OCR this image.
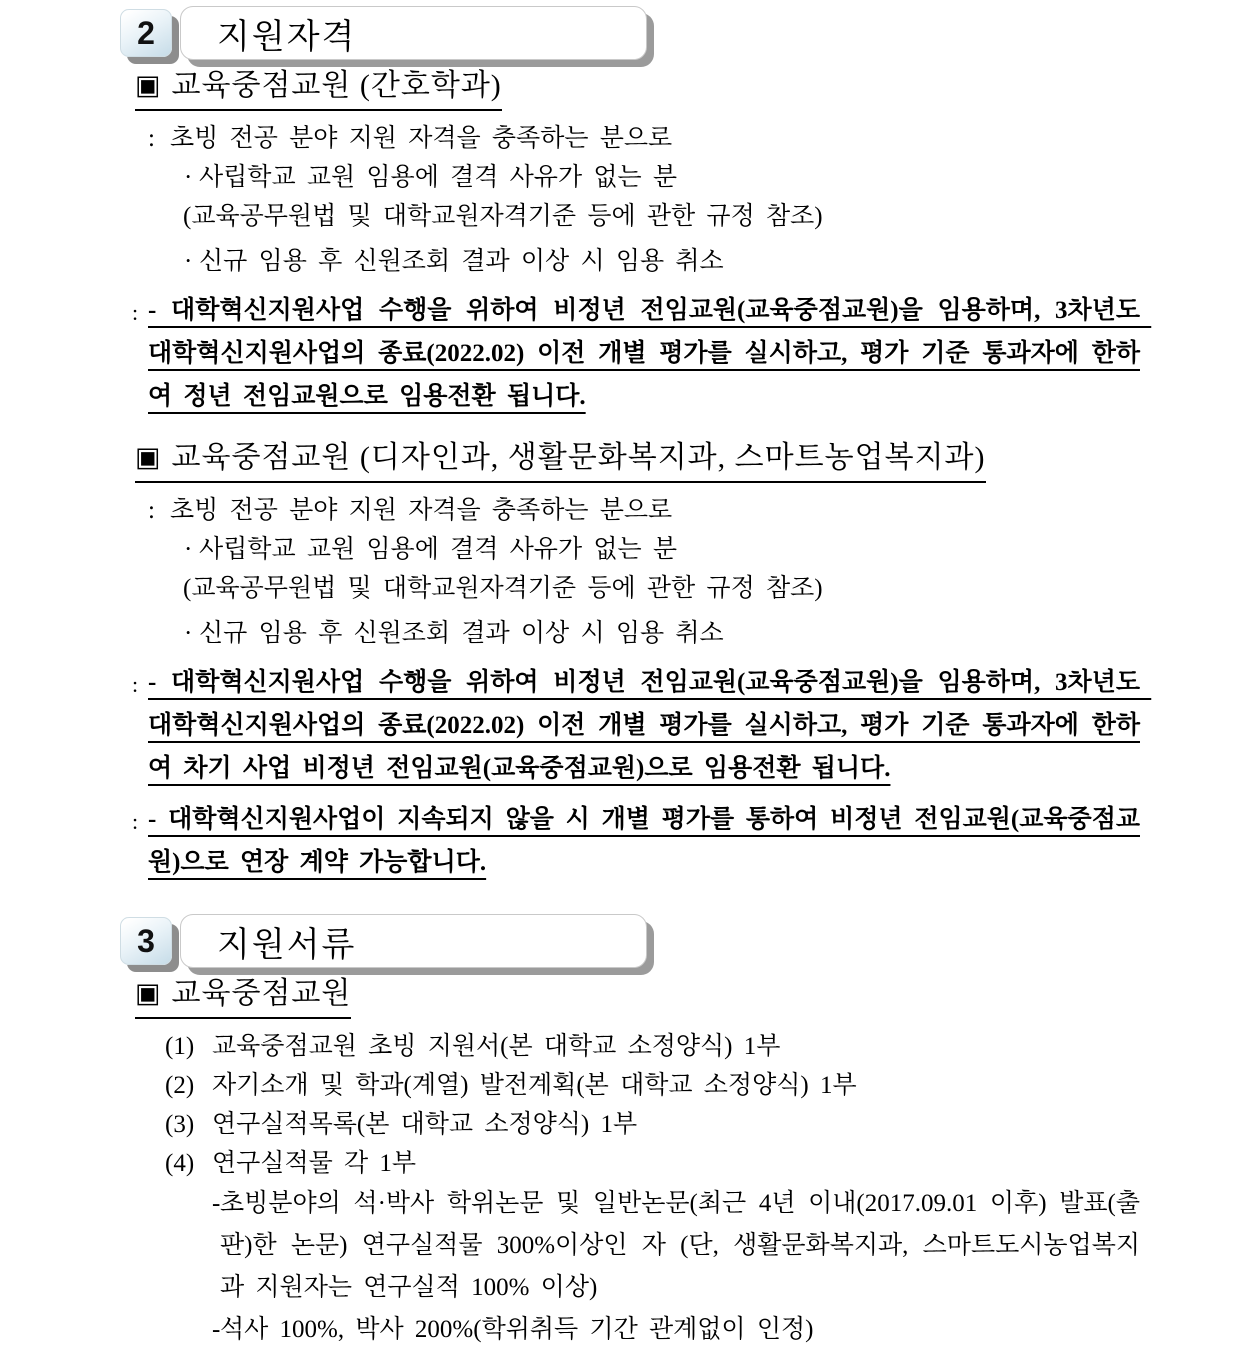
2	지원자격
▣ 교육중점교원 (간호학과)
: 초빙 전공 분야 지원 자격을 충족하는 분으로
· 사립학교 교원 임용에 결격 사유가 없는 분
(교육공무원법 및 대학교원자격기준 등에 관한 규정 참조)
· 신규 임용 후 신원조회 결과 이상 시 임용 취소
: - 대학혁신지원사업 수행을 위하여 비정년 전임교원(교육중점교원)을 임용하며, 3차년도 대학혁신지원사업의 종료(2022.02) 이전 개별 평가를 실시하고, 평가 기준 통과자에 한하여 정년 전임교원으로 임용전환 됩니다.
▣ 교육중점교원 (디자인과, 생활문화복지과, 스마트농업복지과)
: 초빙 전공 분야 지원 자격을 충족하는 분으로
· 사립학교 교원 임용에 결격 사유가 없는 분
(교육공무원법 및 대학교원자격기준 등에 관한 규정 참조)
· 신규 임용 후 신원조회 결과 이상 시 임용 취소
: - 대학혁신지원사업 수행을 위하여 비정년 전임교원(교육중점교원)을 임용하며, 3차년도 대학혁신지원사업의 종료(2022.02) 이전 개별 평가를 실시하고, 평가 기준 통과자에 한하여 차기 사업 비정년 전임교원(교육중점교원)으로 임용전환 됩니다.
: - 대학혁신지원사업이 지속되지 않을 시 개별 평가를 통하여 비정년 전임교원(교육중점교원)으로 연장 계약 가능합니다.
3	지원서류
▣ 교육중점교원
(1) 교육중점교원 초빙 지원서(본 대학교 소정양식) 1부
(2) 자기소개 및 학과(계열) 발전계획(본 대학교 소정양식) 1부
(3) 연구실적목록(본 대학교 소정양식) 1부
(4) 연구실적물 각 1부
- 초빙분야의 석·박사 학위논문 및 일반논문(최근 4년 이내(2017.09.01 이후) 발표(출판)한 논문) 연구실적물 300%이상인 자 (단, 생활문화복지과, 스마트도시농업복지과 지원자는 연구실적 100% 이상)
- 석사 100%, 박사 200%(학위취득 기간 관계없이 인정)
